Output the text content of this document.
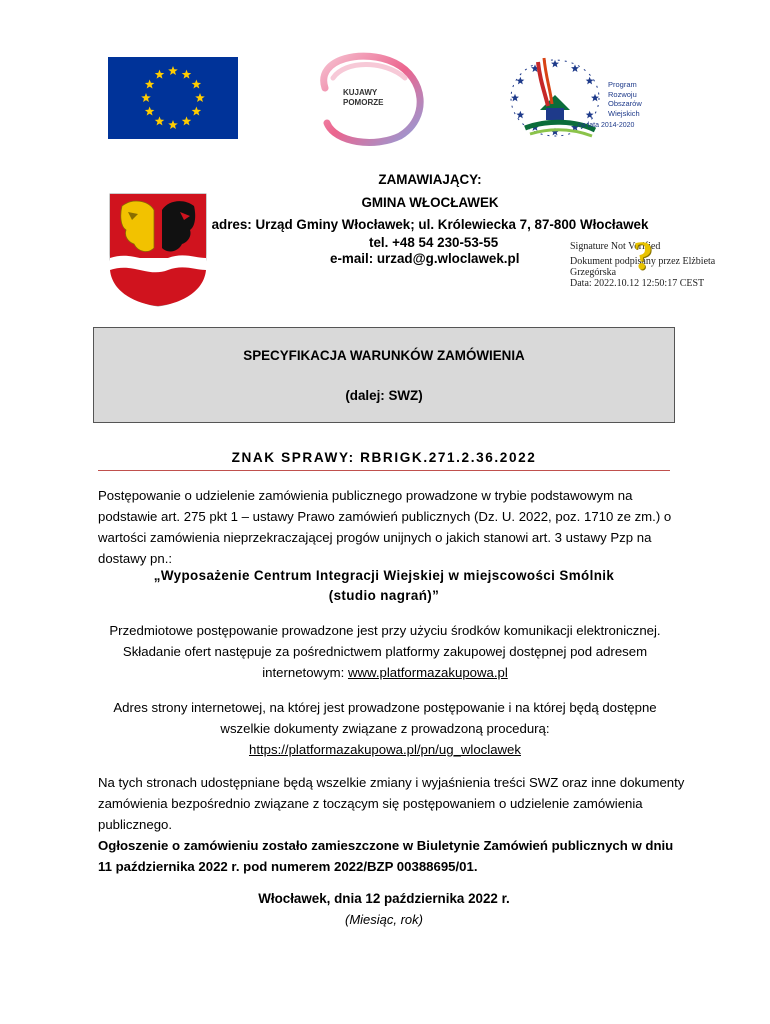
KUJAWY
POMORZE
Program
Rozwoju
Obszarów
Wiejskich
na lata 2014-2020
ZAMAWIAJĄCY:
GMINA WŁOCŁAWEK
adres: Urząd Gminy Włocławek; ul. Królewiecka 7, 87-800 Włocławek
tel. +48 54 230-53-55
e-mail: urzad@g.wloclawek.pl
Signature Not Verified
Dokument podpisany przez Elżbieta
Grzegórska
Data: 2022.10.12 12:50:17 CEST
?
SPECYFIKACJA WARUNKÓW ZAMÓWIENIA
(dalej: SWZ)
ZNAK SPRAWY: RBRIGK.271.2.36.2022
Postępowanie o udzielenie zamówienia publicznego prowadzone w trybie podstawowym na
podstawie art. 275 pkt 1 – ustawy Prawo zamówień publicznych (Dz. U. 2022, poz. 1710 ze zm.) o
wartości zamówienia nieprzekraczającej progów unijnych o jakich stanowi art. 3 ustawy Pzp na
dostawy pn.:
„Wyposażenie Centrum Integracji Wiejskiej w miejscowości Smólnik
(studio nagrań)”
Przedmiotowe postępowanie prowadzone jest przy użyciu środków komunikacji elektronicznej.
Składanie ofert następuje za pośrednictwem platformy zakupowej dostępnej pod adresem
internetowym: www.platformazakupowa.pl
Adres strony internetowej, na której jest prowadzone postępowanie i na której będą dostępne
wszelkie dokumenty związane z prowadzoną procedurą:
https://platformazakupowa.pl/pn/ug_wloclawek
Na tych stronach udostępniane będą wszelkie zmiany i wyjaśnienia treści SWZ oraz inne dokumenty
zamówienia bezpośrednio związane z toczącym się postępowaniem o udzielenie zamówienia
publicznego.
Ogłoszenie o zamówieniu zostało zamieszczone w Biuletynie Zamówień publicznych w dniu
11 października 2022 r. pod numerem 2022/BZP 00388695/01.
Włocławek, dnia 12 października 2022 r.
(Miesiąc, rok)
